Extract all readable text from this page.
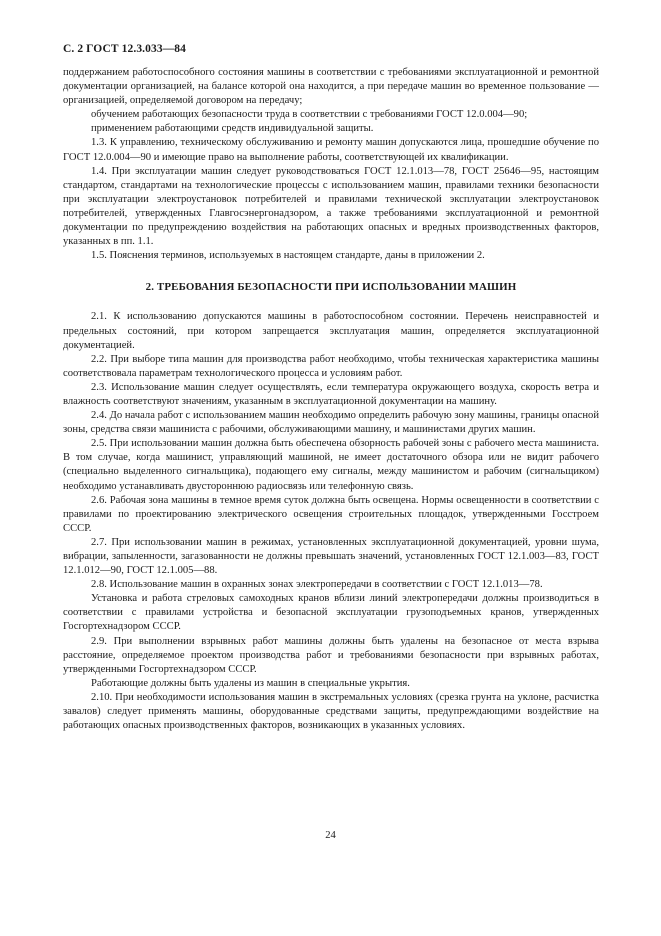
С. 2 ГОСТ 12.3.033—84

поддержанием работоспособного состояния машины в соответствии с требованиями эксплуатационной и ремонтной документации организацией, на балансе которой она находится, а при передаче машин во временное пользование — организацией, определяемой договором на передачу;

обучением работающих безопасности труда в соответствии с требованиями ГОСТ 12.0.004—90;

применением работающими средств индивидуальной защиты.

1.3. К управлению, техническому обслуживанию и ремонту машин допускаются лица, прошедшие обучение по ГОСТ 12.0.004—90 и имеющие право на выполнение работы, соответствующей их квалификации.

1.4. При эксплуатации машин следует руководствоваться ГОСТ 12.1.013—78, ГОСТ 25646—95, настоящим стандартом, стандартами на технологические процессы с использованием машин, правилами техники безопасности при эксплуатации электроустановок потребителей и правилами технической эксплуатации электроустановок потребителей, утвержденных Главгосэнергонадзором, а также требованиями эксплуатационной и ремонтной документации по предупреждению воздействия на работающих опасных и вредных производственных факторов, указанных в пп. 1.1.

1.5. Пояснения терминов, используемых в настоящем стандарте, даны в приложении 2.

2. ТРЕБОВАНИЯ БЕЗОПАСНОСТИ ПРИ ИСПОЛЬЗОВАНИИ МАШИН

2.1. К использованию допускаются машины в работоспособном состоянии. Перечень неисправностей и предельных состояний, при котором запрещается эксплуатация машин, определяется эксплуатационной документацией.

2.2. При выборе типа машин для производства работ необходимо, чтобы техническая характеристика машины соответствовала параметрам технологического процесса и условиям работ.

2.3. Использование машин следует осуществлять, если температура окружающего воздуха, скорость ветра и влажность соответствуют значениям, указанным в эксплуатационной документации на машину.

2.4. До начала работ с использованием машин необходимо определить рабочую зону машины, границы опасной зоны, средства связи машиниста с рабочими, обслуживающими машину, и машинистами других машин.

2.5. При использовании машин должна быть обеспечена обзорность рабочей зоны с рабочего места машиниста. В том случае, когда машинист, управляющий машиной, не имеет достаточного обзора или не видит рабочего (специально выделенного сигнальщика), подающего ему сигналы, между машинистом и рабочим (сигнальщиком) необходимо устанавливать двустороннюю радиосвязь или телефонную связь.

2.6. Рабочая зона машины в темное время суток должна быть освещена. Нормы освещенности в соответствии с правилами по проектированию электрического освещения строительных площадок, утвержденными Госстроем СССР.

2.7. При использовании машин в режимах, установленных эксплуатационной документацией, уровни шума, вибрации, запыленности, загазованности не должны превышать значений, установленных ГОСТ 12.1.003—83, ГОСТ 12.1.012—90, ГОСТ 12.1.005—88.

2.8. Использование машин в охранных зонах электропередачи в соответствии с ГОСТ 12.1.013—78.

Установка и работа стреловых самоходных кранов вблизи линий электропередачи должны производиться в соответствии с правилами устройства и безопасной эксплуатации грузоподъемных кранов, утвержденных Госгортехнадзором СССР.

2.9. При выполнении взрывных работ машины должны быть удалены на безопасное от места взрыва расстояние, определяемое проектом производства работ и требованиями безопасности при взрывных работах, утвержденными Госгортехнадзором СССР.

Работающие должны быть удалены из машин в специальные укрытия.

2.10. При необходимости использования машин в экстремальных условиях (срезка грунта на уклоне, расчистка завалов) следует применять машины, оборудованные средствами защиты, предупреждающими воздействие на работающих опасных производственных факторов, возникающих в указанных условиях.

24
